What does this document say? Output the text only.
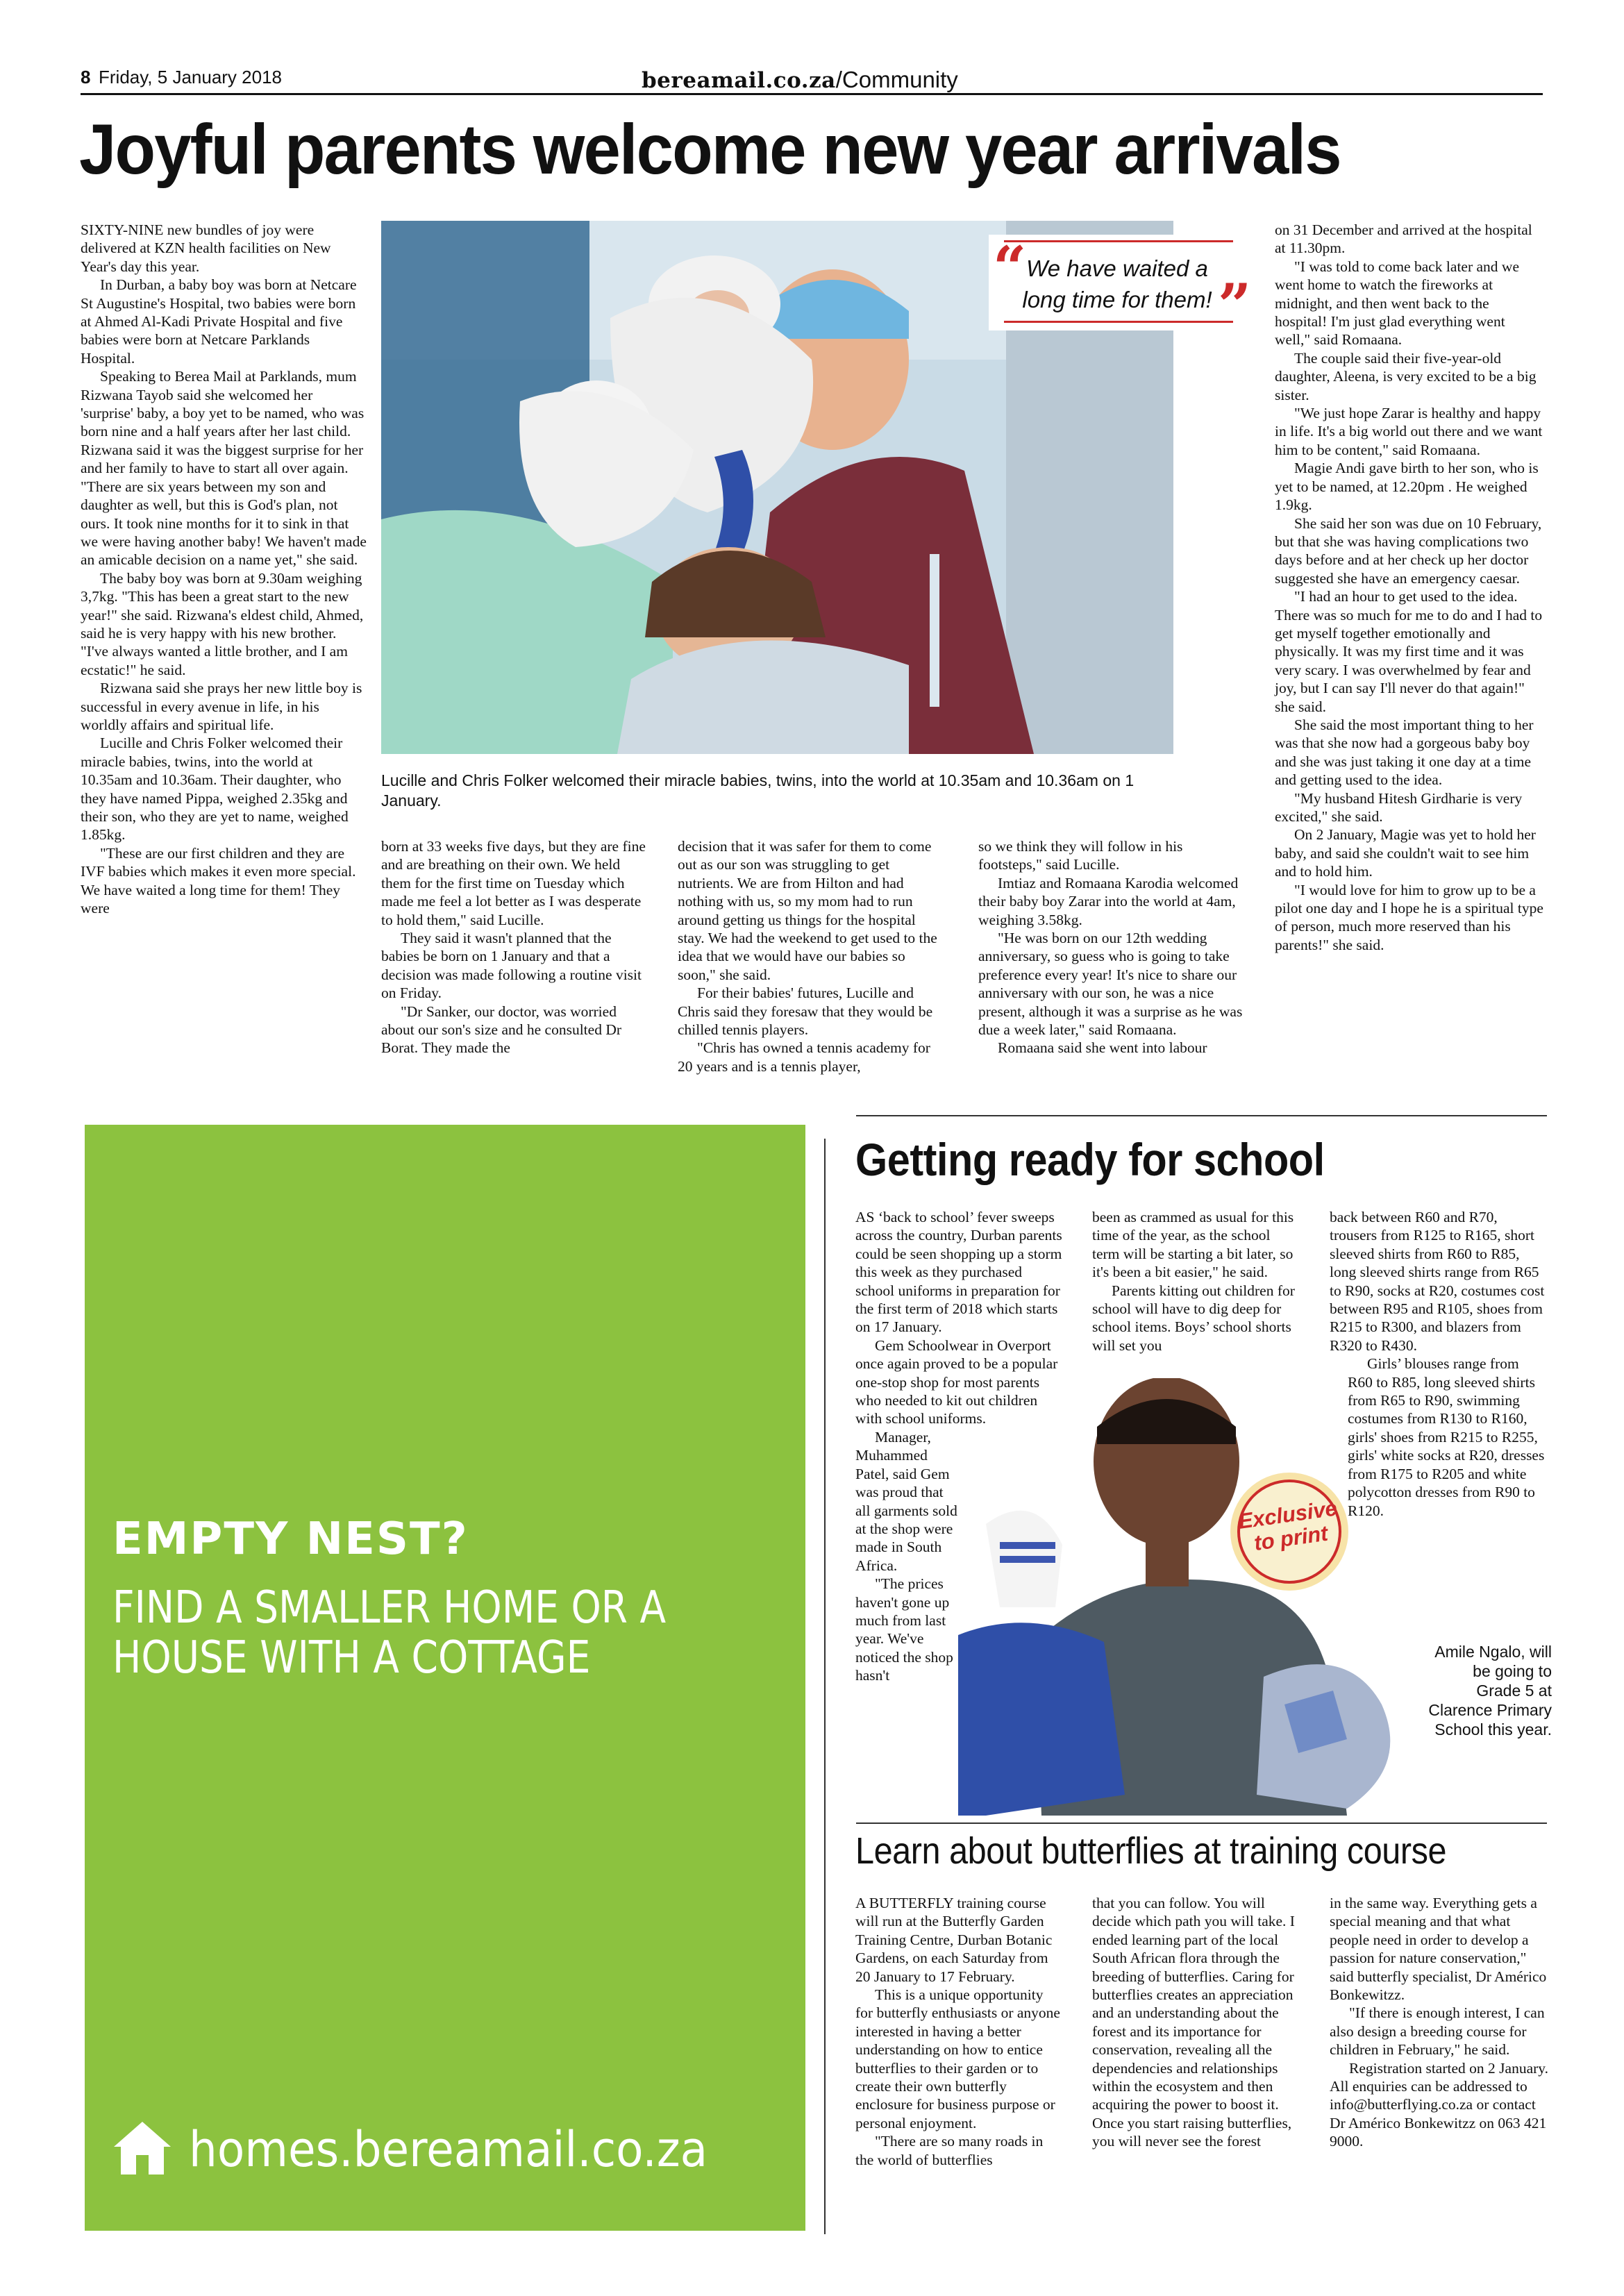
8 Friday, 5 January 2018	bereamail.co.za/Community
Joyful parents welcome new year arrivals

SIXTY-NINE new bundles of joy were delivered at KZN health facilities on New Year's day this year.

In Durban, a baby boy was born at Netcare St Augustine's Hospital, two babies were born at Ahmed Al-Kadi Private Hospital and five babies were born at Netcare Parklands Hospital.

Speaking to Berea Mail at Parklands, mum Rizwana Tayob said she welcomed her 'surprise' baby, a boy yet to be named, who was born nine and a half years after her last child. Rizwana said it was the biggest surprise for her and her family to have to start all over again. "There are six years between my son and daughter as well, but this is God's plan, not ours. It took nine months for it to sink in that we were having another baby! We haven't made an amicable decision on a name yet," she said.

The baby boy was born at 9.30am weighing 3,7kg. "This has been a great start to the new year!" she said. Rizwana's eldest child, Ahmed, said he is very happy with his new brother. "I've always wanted a little brother, and I am ecstatic!" he said.

Rizwana said she prays her new little boy is successful in every avenue in life, in his worldly affairs and spiritual life.

Lucille and Chris Folker welcomed their miracle babies, twins, into the world at 10.35am and 10.36am. Their daughter, who they have named Pippa, weighed 2.35kg and their son, who they are yet to name, weighed 1.85kg.

"These are our first children and they are IVF babies which makes it even more special. We have waited a long time for them! They were

“
”
We have waited a long time for them!
Lucille and Chris Folker welcomed their miracle babies, twins, into the world at 10.35am and 10.36am on 1 January.

born at 33 weeks five days, but they are fine and are breathing on their own. We held them for the first time on Tuesday which made me feel a lot better as I was desperate to hold them," said Lucille.

They said it wasn't planned that the babies be born on 1 January and that a decision was made following a routine visit on Friday.

"Dr Sanker, our doctor, was worried about our son's size and he consulted Dr Borat. They made the

decision that it was safer for them to come out as our son was struggling to get nutrients. We are from Hilton and had nothing with us, so my mom had to run around getting us things for the hospital stay. We had the weekend to get used to the idea that we would have our babies so soon," she said.

For their babies' futures, Lucille and Chris said they foresaw that they would be chilled tennis players.

"Chris has owned a tennis academy for 20 years and is a tennis player,

so we think they will follow in his footsteps," said Lucille.

Imtiaz and Romaana Karodia welcomed their baby boy Zarar into the world at 4am, weighing 3.58kg.

"He was born on our 12th wedding anniversary, so guess who is going to take preference every year! It's nice to share our anniversary with our son, he was a nice present, although it was a surprise as he was due a week later," said Romaana.

Romaana said she went into labour

on 31 December and arrived at the hospital at 11.30pm.

"I was told to come back later and we went home to watch the fireworks at midnight, and then went back to the hospital! I'm just glad everything went well," said Romaana.

The couple said their five-year-old daughter, Aleena, is very excited to be a big sister.

"We just hope Zarar is healthy and happy in life. It's a big world out there and we want him to be content," said Romaana.

Magie Andi gave birth to her son, who is yet to be named, at 12.20pm . He weighed 1.9kg.

She said her son was due on 10 February, but that she was having complications two days before and at her check up her doctor suggested she have an emergency caesar.

"I had an hour to get used to the idea. There was so much for me to do and I had to get myself together emotionally and physically. It was my first time and it was very scary. I was overwhelmed by fear and joy, but I can say I'll never do that again!" she said.

She said the most important thing to her was that she now had a gorgeous baby boy and she was just taking it one day at a time and getting used to the idea.

"My husband Hitesh Girdharie is very excited," she said.

On 2 January, Magie was yet to hold her baby, and said she couldn't wait to see him and to hold him.

"I would love for him to grow up to be a pilot one day and I hope he is a spiritual type of person, much more reserved than his parents!" she said.

EMPTY NEST?
FIND A SMALLER HOME OR A HOUSE WITH A COTTAGE
homes.bereamail.co.za
Getting ready for school

AS ‘back to school’ fever sweeps across the country, Durban parents could be seen shopping up a storm this week as they purchased school uniforms in preparation for the first term of 2018 which starts on 17 January.

Gem Schoolwear in Overport once again proved to be a popular one-stop shop for most parents who needed to kit out children with school uniforms.

Manager, Muhammed Patel, said Gem was proud that all garments sold at the shop were made in South Africa.

"The prices haven't gone up much from last year. We've noticed the shop hasn't

been as crammed as usual for this time of the year, as the school term will be starting a bit later, so it's been a bit easier," he said.

Parents kitting out children for school will have to dig deep for school items. Boys’ school shorts will set you

back between R60 and R70, trousers from R125 to R165, short sleeved shirts from R60 to R85, long sleeved shirts range from R65 to R90, socks at R20, costumes cost between R95 and R105, shoes from R215 to R300, and blazers from R320 to R430.

Girls’ blouses range from R60 to R85, long sleeved shirts from R65 to R90, swimming costumes from R130 to R160, girls' shoes from R215 to R255, girls' white socks at R20, dresses from R175 to R205 and white polycotton dresses from R90 to R120.

Exclusive to print
Amile Ngalo, will be going to Grade 5 at Clarence Primary School this year.
Learn about butterflies at training course

A BUTTERFLY training course will run at the Butterfly Garden Training Centre, Durban Botanic Gardens, on each Saturday from 20 January to 17 February.

This is a unique opportunity for butterfly enthusiasts or anyone interested in having a better understanding on how to entice butterflies to their garden or to create their own butterfly enclosure for business purpose or personal enjoyment.

"There are so many roads in the world of butterflies

that you can follow. You will decide which path you will take. I ended learning part of the local South African flora through the breeding of butterflies. Caring for butterflies creates an appreciation and an understanding about the forest and its importance for conservation, revealing all the dependencies and relationships within the ecosystem and then acquiring the power to boost it. Once you start raising butterflies, you will never see the forest

in the same way. Everything gets a special meaning and that what people need in order to develop a passion for nature conservation," said butterfly specialist, Dr Américo Bonkewitzz.

"If there is enough interest, I can also design a breeding course for children in February," he said.

Registration started on 2 January. All enquiries can be addressed to info@butterflying.co.za or contact Dr Américo Bonkewitzz on 063 421 9000.
